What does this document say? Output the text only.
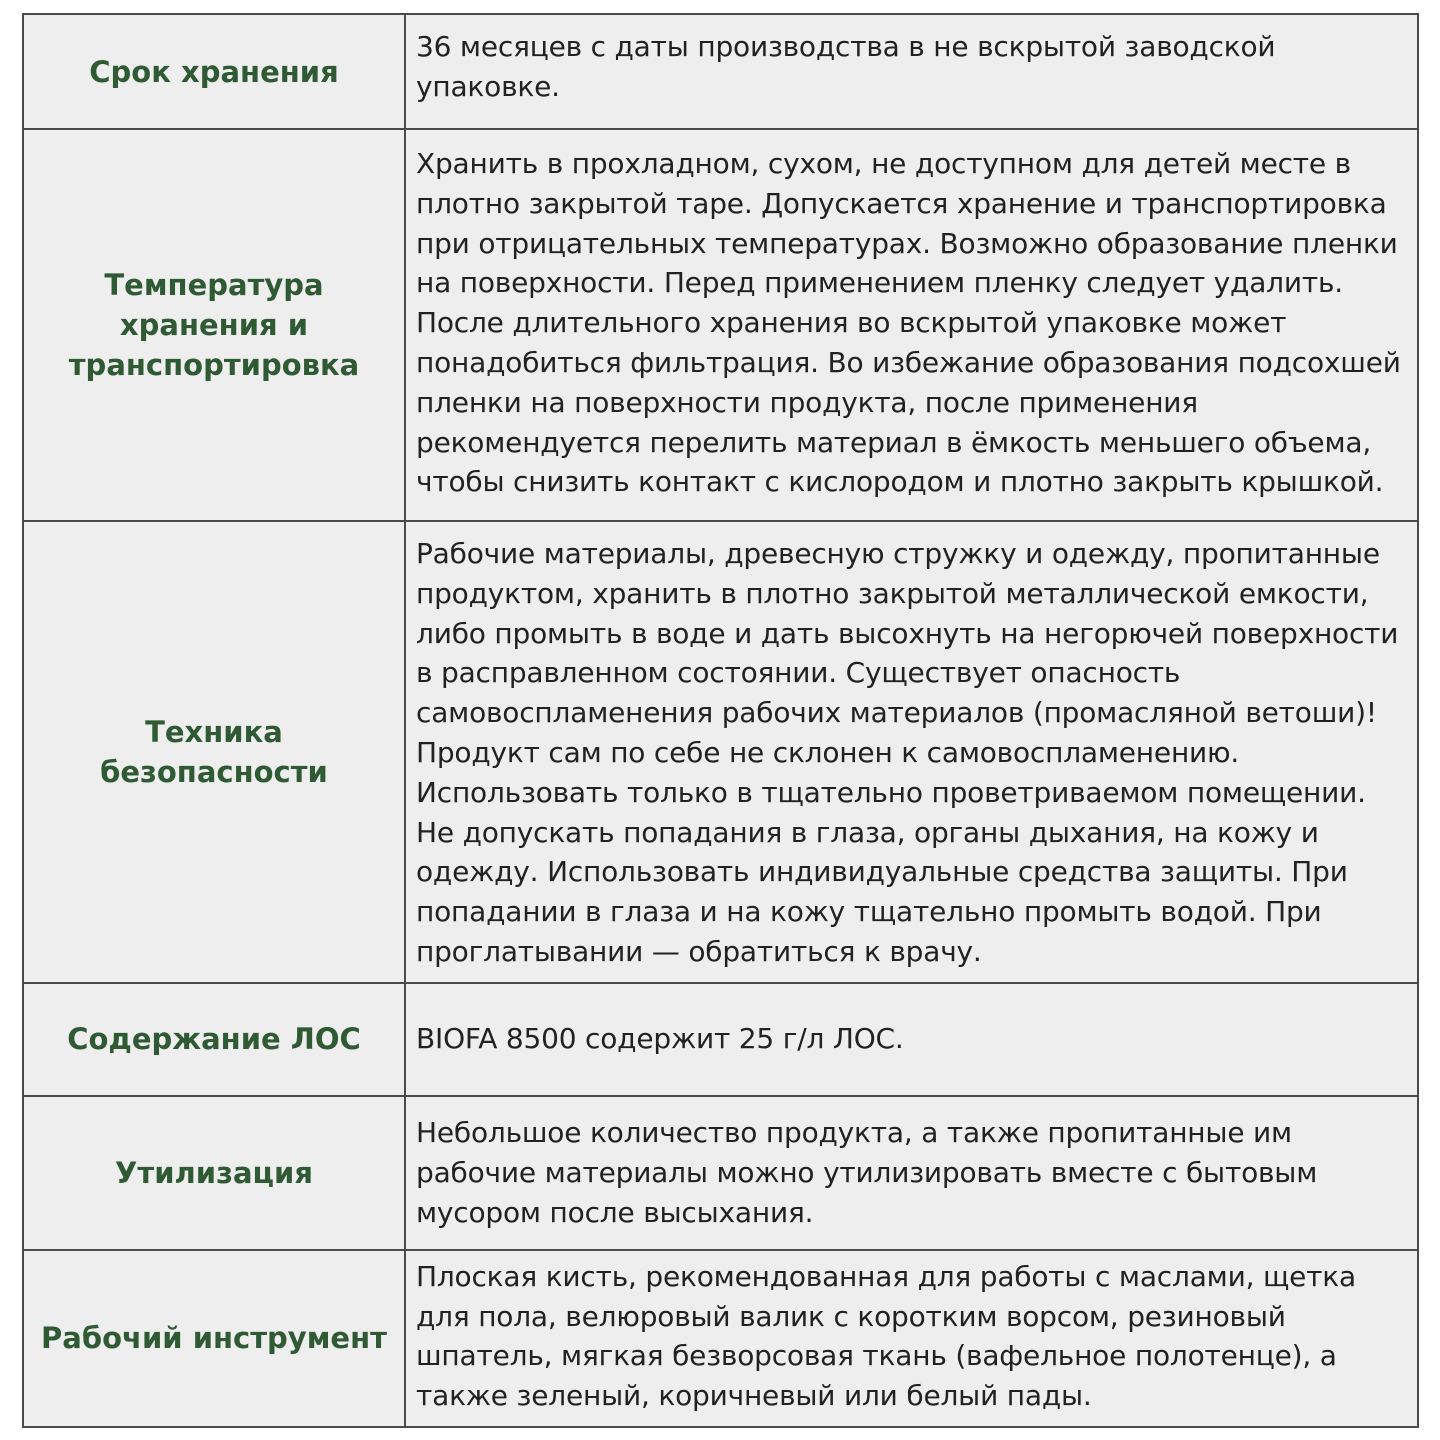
Срок хранения	36 месяцев с даты производства в не вскрытой заводской упаковке.

Температура хранения и транспортировка	Хранить в прохладном, сухом, не доступном для детей месте в плотно закрытой таре. Допускается хранение и транспортировка при отрицательных температурах. Возможно образование пленки на поверхности. Перед применением пленку следует удалить. После длительного хранения во вскрытой упаковке может понадобиться фильтрация. Во избежание образования подсохшей пленки на поверхности продукта, после применения рекомендуется перелить материал в ёмкость меньшего объема, чтобы снизить контакт с кислородом и плотно закрыть крышкой.

Техника безопасности	Рабочие материалы, древесную стружку и одежду, пропитанные продуктом, хранить в плотно закрытой металлической емкости, либо промыть в воде и дать высохнуть на негорючей поверхности в расправленном состоянии. Существует опасность самовоспламенения рабочих материалов (промасляной ветоши)! Продукт сам по себе не склонен к самовоспламенению. Использовать только в тщательно проветриваемом помещении. Не допускать попадания в глаза, органы дыхания, на кожу и одежду. Использовать индивидуальные средства защиты. При попадании в глаза и на кожу тщательно промыть водой. При проглатывании — обратиться к врачу.

Содержание ЛОС	BIOFA 8500 содержит 25 г/л ЛОС.

Утилизация	Небольшое количество продукта, а также пропитанные им рабочие материалы можно утилизировать вместе с бытовым мусором после высыхания.

Рабочий инструмент	Плоская кисть, рекомендованная для работы с маслами, щетка для пола, велюровый валик с коротким ворсом, резиновый шпатель, мягкая безворсовая ткань (вафельное полотенце), а также зеленый, коричневый или белый пады.
